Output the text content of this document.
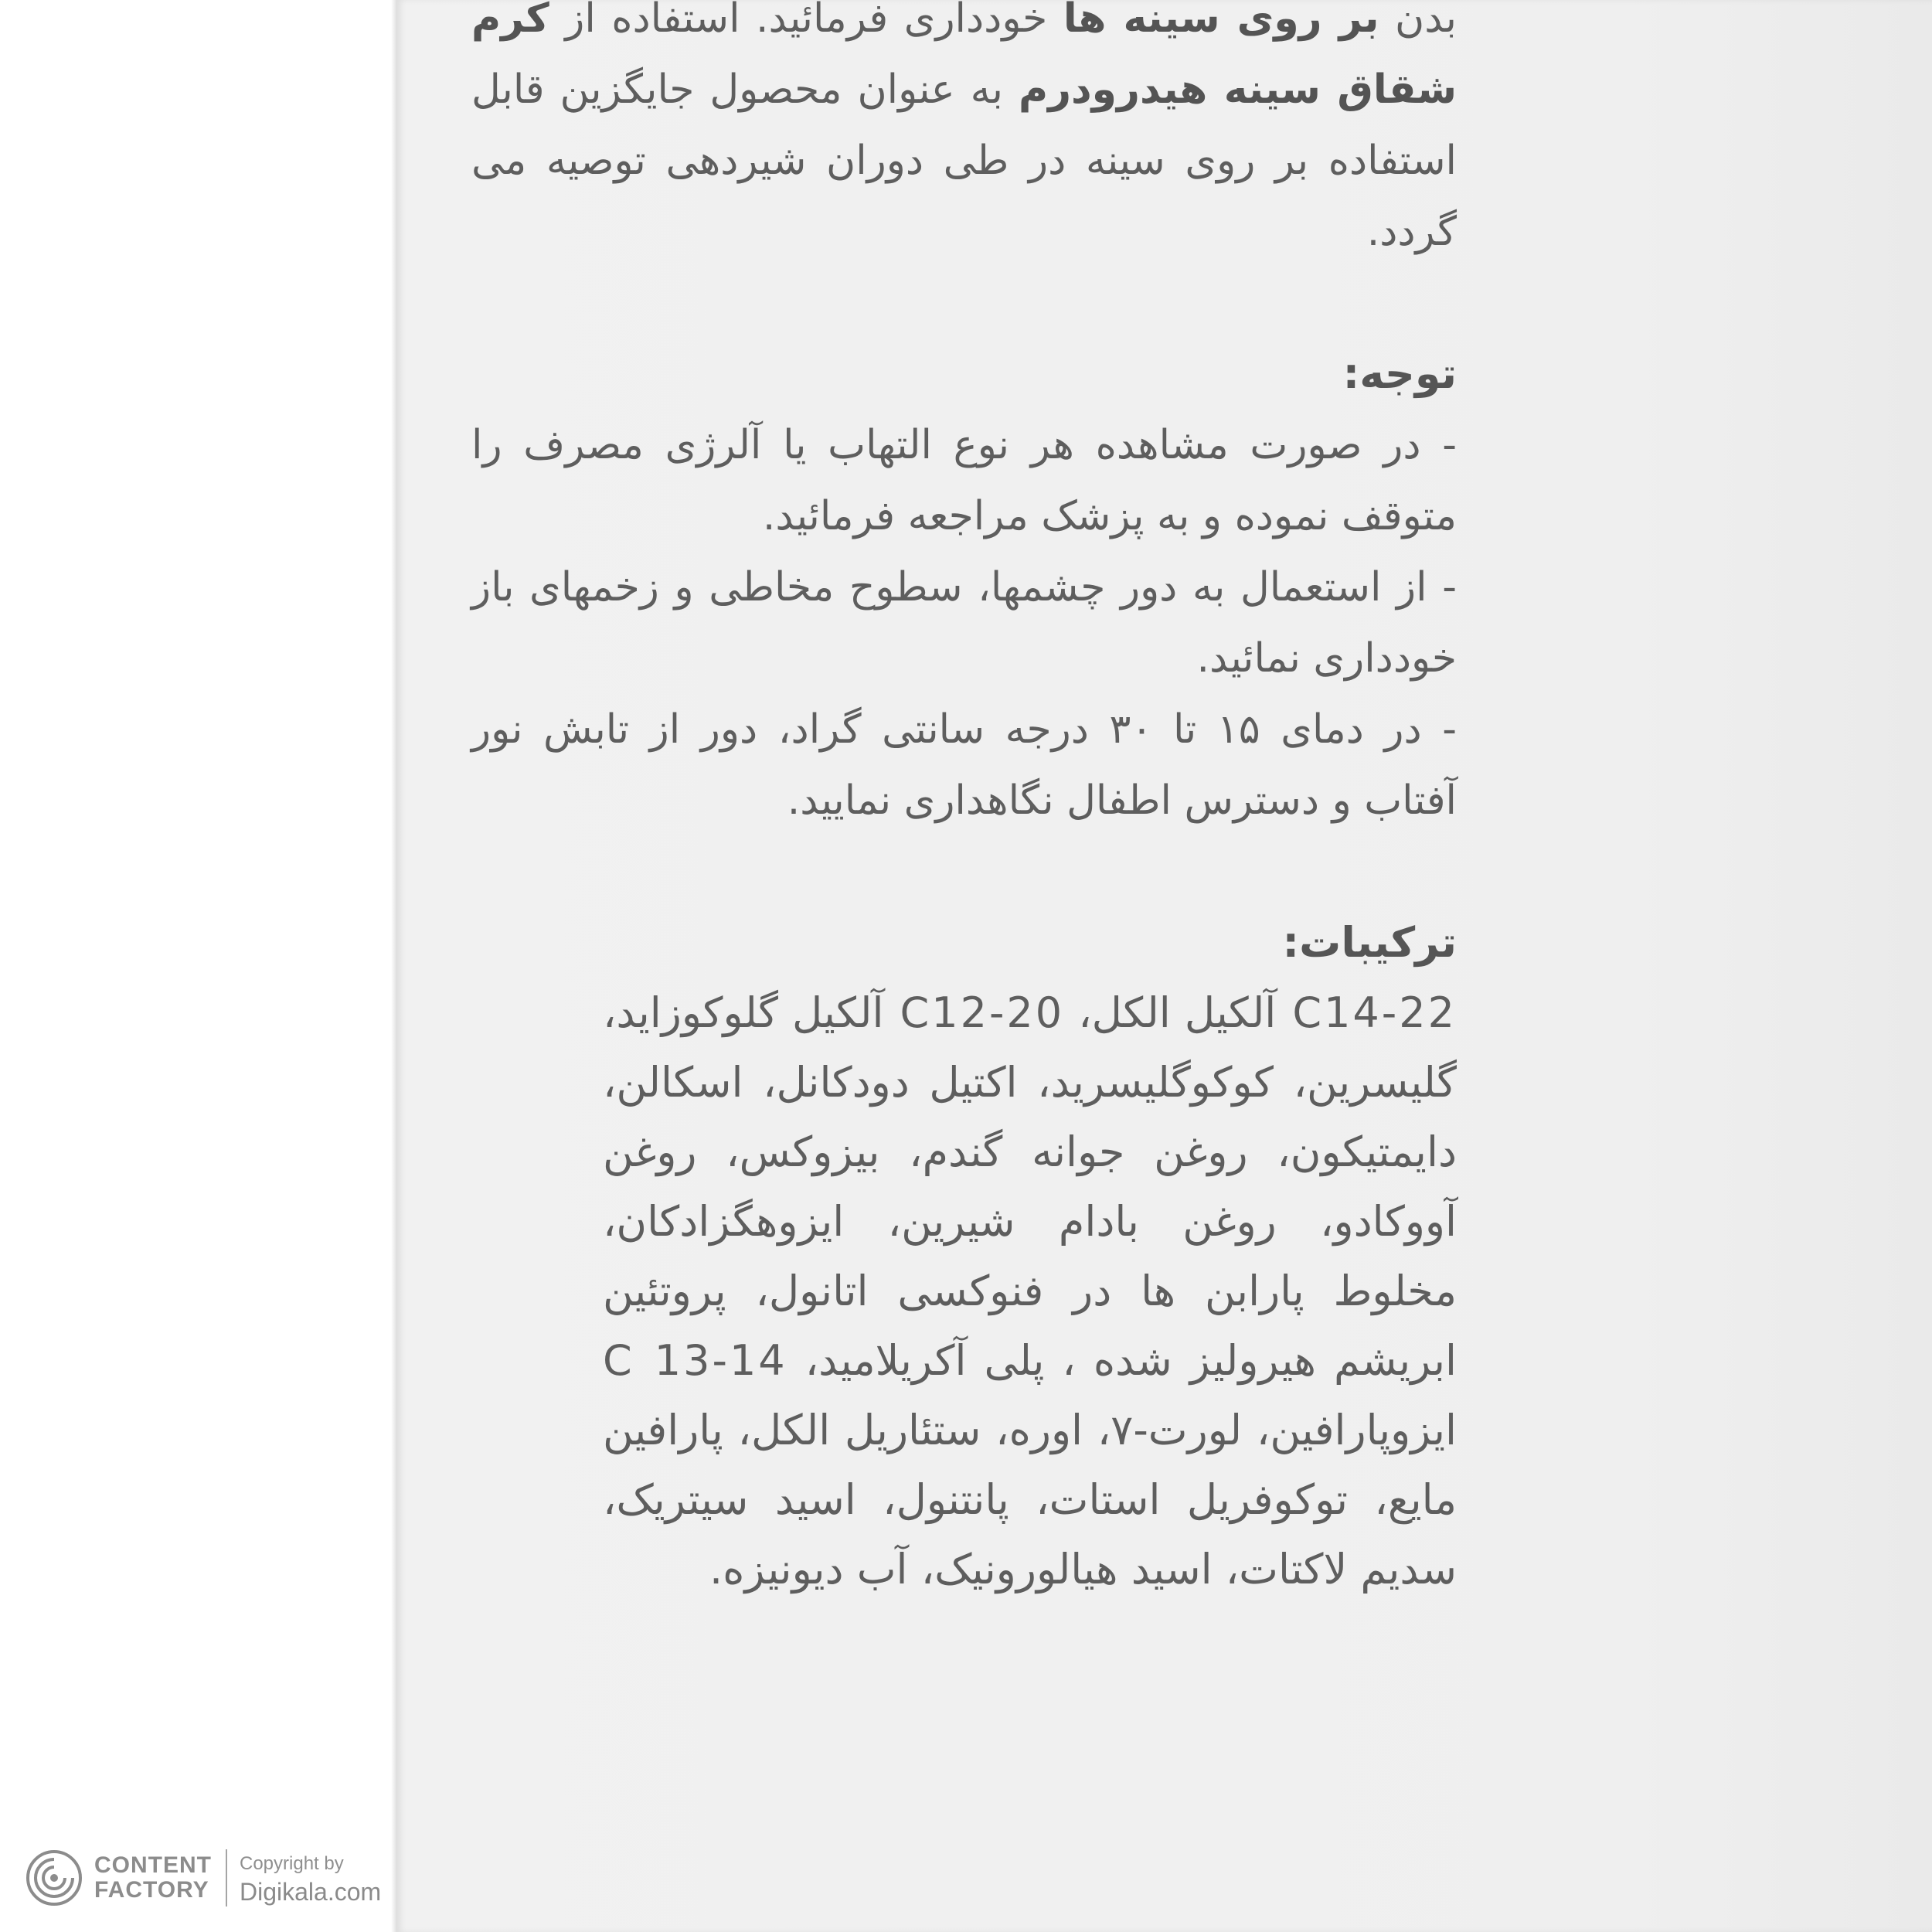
بدن بر روی سینه ها خودداری فرمائید. استفاده از کرم شقاق سینه هیدرودرم به عنوان محصول جایگزین قابل استفاده بر روی سینه در طی دوران شیردهی توصیه می گردد.

توجه:

- در صورت مشاهده هر نوع التهاب یا آلرژی مصرف را متوقف نموده و به پزشک مراجعه فرمائید.

- از استعمال به دور چشمها، سطوح مخاطی و زخمهای باز خودداری نمائید.

- در دمای ۱۵ تا ۳۰ درجه سانتی گراد، دور از تابش نور آفتاب و دسترس اطفال نگاهداری نمایید.

ترکیبات:

C14-22 آلکیل الکل، C12-20 آلکیل گلوکوزاید، گلیسرین، کوکوگلیسرید، اکتیل دودکانل، اسکالن، دایمتیکون، روغن جوانه گندم، بیزوکس، روغن آووکادو، روغن بادام شیرین، ایزوهگزادکان، مخلوط پارابن ها در فنوکسی اتانول، پروتئین ابریشم هیرولیز شده ، پلی آکریلامید، C 13-14 ایزوپارافین، لورت-۷، اوره، ستئاریل الکل، پارافین مایع، توکوفریل استات، پانتنول، اسید سیتریک، سدیم لاکتات، اسید هیالورونیک، آب دیونیزه.

CONTENT
FACTORY
Copyright by
Digikala.com
